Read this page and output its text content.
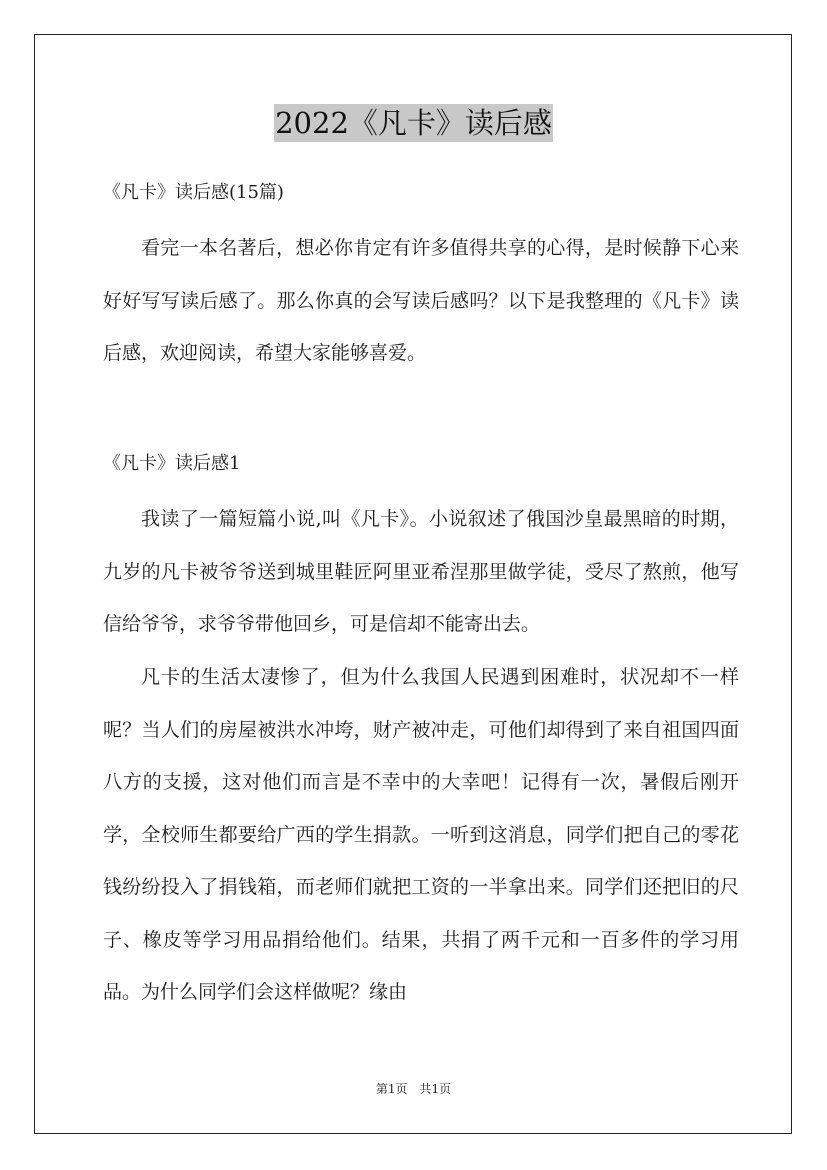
2022《凡卡》读后感
《凡卡》读后感(15篇)

看完一本名著后，想必你肯定有许多值得共享的心得，是时候静下心来好好写写读后感了。那么你真的会写读后感吗？以下是我整理的《凡卡》读后感，欢迎阅读，希望大家能够喜爱。

《凡卡》读后感1

我读了一篇短篇小说,叫《凡卡》。小说叙述了俄国沙皇最黑暗的时期，九岁的凡卡被爷爷送到城里鞋匠阿里亚希涅那里做学徒，受尽了熬煎，他写信给爷爷，求爷爷带他回乡，可是信却不能寄出去。

凡卡的生活太凄惨了，但为什么我国人民遇到困难时，状况却不一样呢？当人们的房屋被洪水冲垮，财产被冲走，可他们却得到了来自祖国四面八方的支援，这对他们而言是不幸中的大幸吧！记得有一次，暑假后刚开学，全校师生都要给广西的学生捐款。一听到这消息，同学们把自己的零花钱纷纷投入了捐钱箱，而老师们就把工资的一半拿出来。同学们还把旧的尺子、橡皮等学习用品捐给他们。结果，共捐了两千元和一百多件的学习用品。为什么同学们会这样做呢？缘由

第1页　共1页
